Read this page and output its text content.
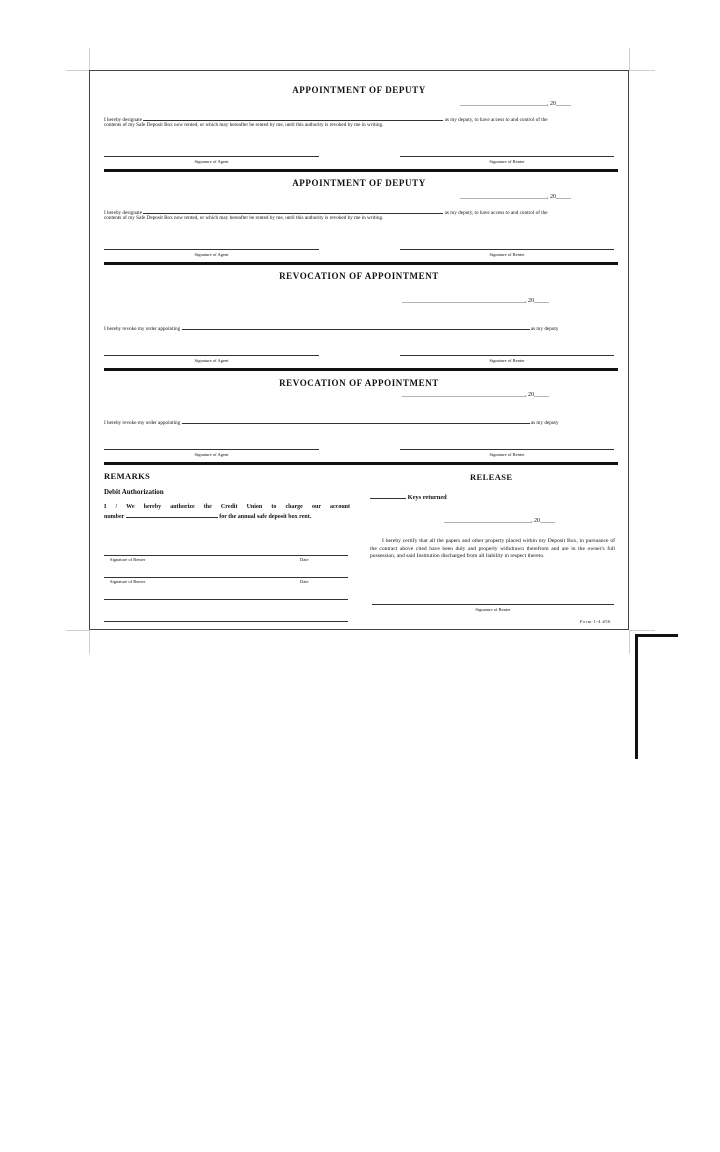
APPOINTMENT OF DEPUTY
_____________________________, 20_____
I hereby designate	as my deputy, to have access to and control of the
contents of my Safe Deposit Box now rented, or which may hereafter be rented by me, until this authority is revoked by me in writing.
Signature of Agent	Signature of Renter
APPOINTMENT OF DEPUTY
_____________________________, 20_____
I hereby designate	as my deputy, to have access to and control of the
contents of my Safe Deposit Box now rented, or which may hereafter be rented by me, until this authority is revoked by me in writing.
Signature of Agent	Signature of Renter
REVOCATION OF APPOINTMENT
_________________________________________, 20_____
I hereby revoke my order appointing	as my deputy
Signature of Agent	Signature of Renter
REVOCATION OF APPOINTMENT
_________________________________________, 20_____
I hereby revoke my order appointing	as my deputy
Signature of Agent	Signature of Renter
REMARKS
Debit Authorization
I / We hereby authorize the Credit Union to charge our account
number	for the annual safe deposit box rent.
Signature of Renter	Date
Signature of Renter	Date
RELEASE
Keys returned
_____________________________, 20_____
I hereby certify that all the papers and other property placed within my Deposit Box, in pursuance of the contract above cited have been duly and properly withdrawn therefrom and are in the owner's full possession, and said Institution discharged from all liability in respect thereto.
Signature of Renter
Form 1-4 #56
